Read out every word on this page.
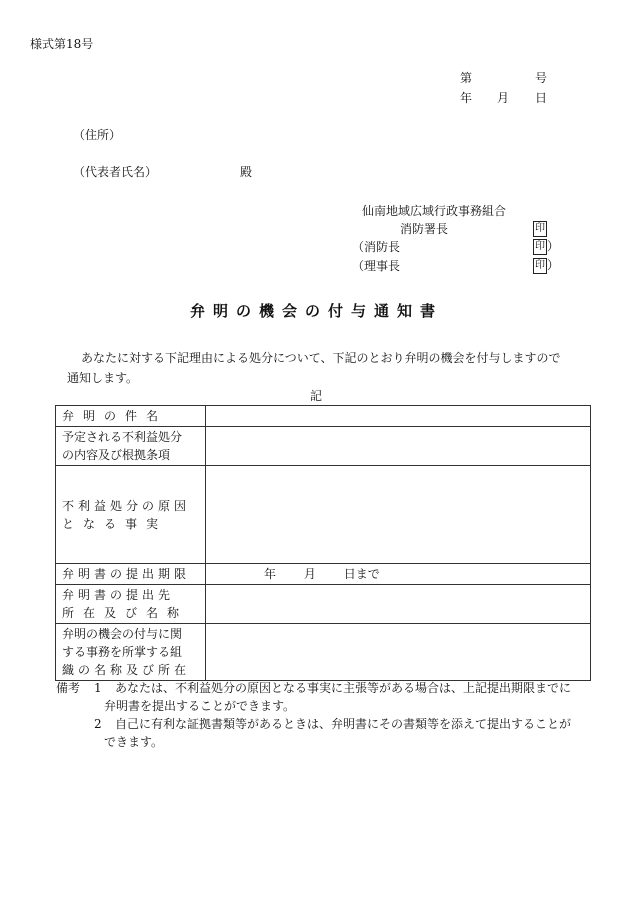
様式第18号
第	号
年 月 日
（住所）
（代表者氏名）	殿
仙南地域広域行政事務組合
消防署長	印
（消防長	印 ）
（理事長	印 ）
弁明の機会の付与通知書
あなたに対する下記理由による処分について、下記のとおり弁明の機会を付与しますので
通知します。
記
弁明の件名	

予定される不利益処分
の内容及び根拠条項	

不利益処分の原因
となる事実	

弁明書の提出期限	年 月 日まで

弁明書の提出先
所在及び名称	

弁明の機会の付与に関
する事務を所掌する組
織の名称及び所在	

備考 1 あなたは、不利益処分の原因となる事実に主張等がある場合は、上記提出期限までに
弁明書を提出することができます。
2 自己に有利な証拠書類等があるときは、弁明書にその書類等を添えて提出することが
できます。
